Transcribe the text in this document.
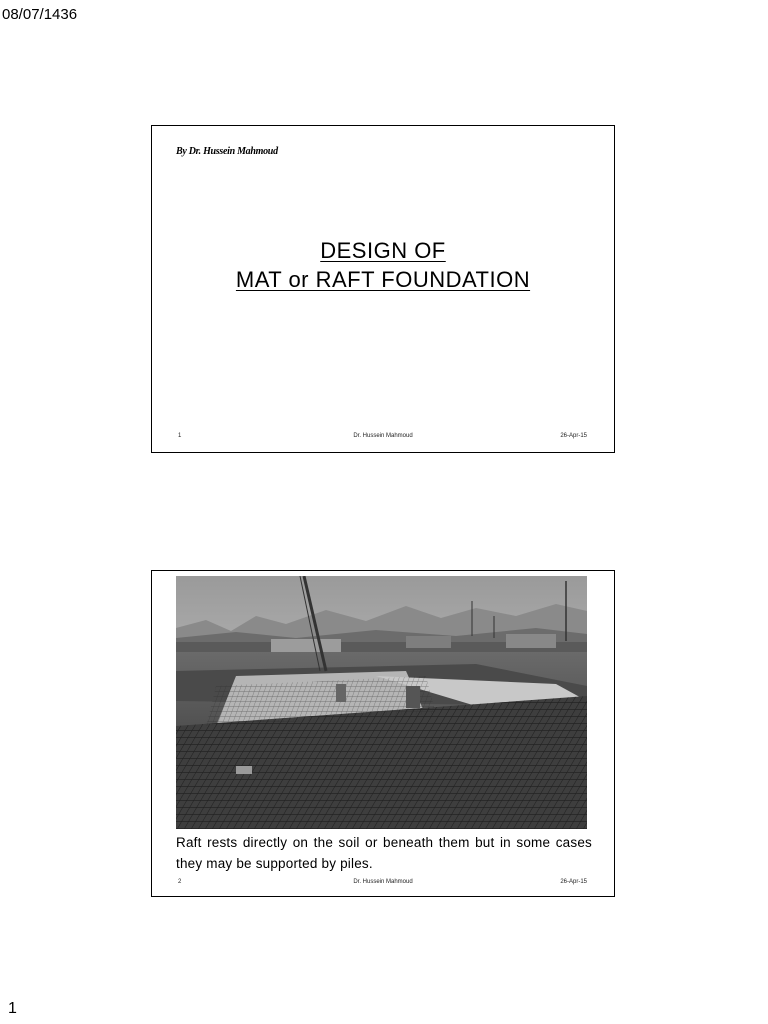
08/07/1436
By Dr. Hussein Mahmoud
DESIGN OF
MAT or RAFT FOUNDATION
1	Dr. Hussein Mahmoud	26-Apr-15
Raft rests directly on the soil or beneath them but in some cases they may be supported by piles.
2	Dr. Hussein Mahmoud	26-Apr-15
1
